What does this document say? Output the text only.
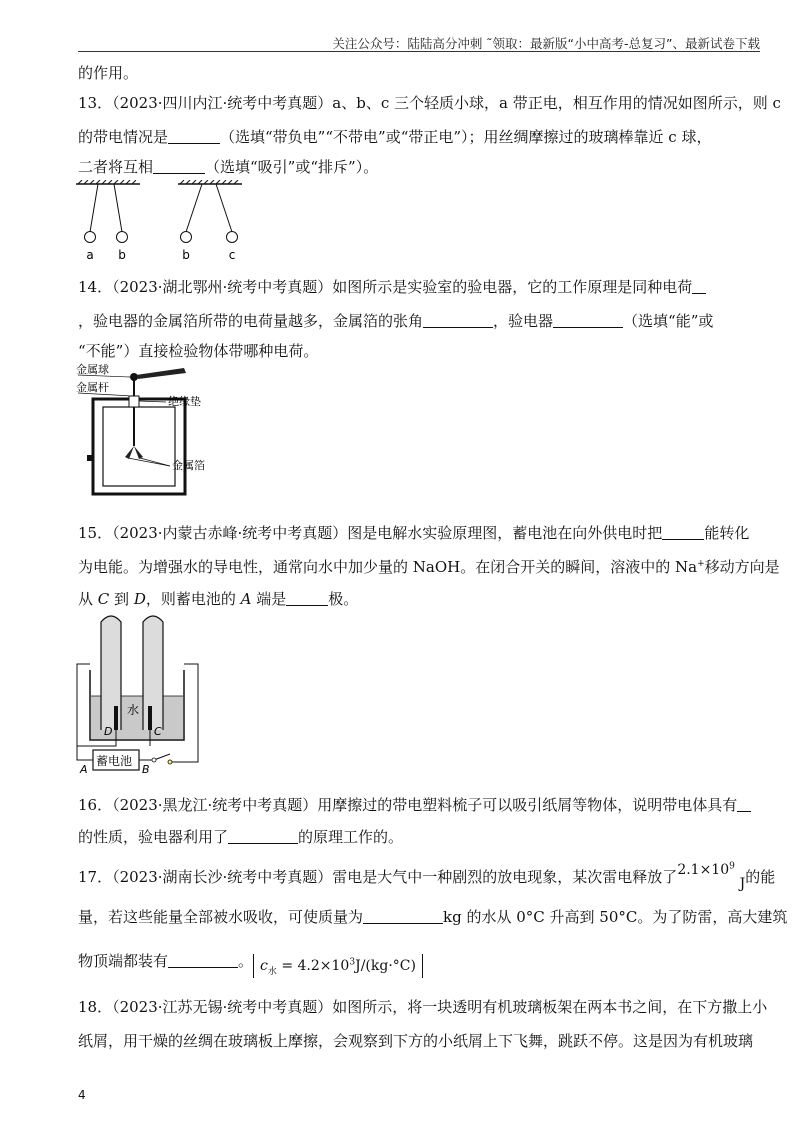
关注公众号：陆陆高分冲刺 ˜领取：最新版“小中高考-总复习”、最新试卷下载
的作用。
13．（2023·四川内江·统考中考真题）a、b、c 三个轻质小球，a 带正电，相互作用的情况如图所示，则 c
的带电情况是	（选填“带负电”“不带电”或“带正电”）；用丝绸摩擦过的玻璃棒靠近 c 球，
二者将互相	（选填“吸引”或“排斥”）。
a b	b	c
14．（2023·湖北鄂州·统考中考真题）如图所示是实验室的验电器，它的工作原理是同种电荷
，验电器的金属箔所带的电荷量越多，金属箔的张角	，验电器	（选填“能”或
“不能”）直接检验物体带哪种电荷。
金属球
金属杆
绝缘垫
金属箔
15．（2023·内蒙古赤峰·统考中考真题）图是电解水实验原理图，蓄电池在向外供电时把	能转化
为电能。为增强水的导电性，通常向水中加少量的 NaOH。在闭合开关的瞬间，溶液中的 Na+移动方向是
从 C 到 D，则蓄电池的 A 端是	极。
水
D	C
蓄电池
A	B
16．（2023·黑龙江·统考中考真题）用摩擦过的带电塑料梳子可以吸引纸屑等物体，说明带电体具有
的性质，验电器利用了	的原理工作的。
17．（2023·湖南长沙·统考中考真题）雷电是大气中一种剧烈的放电现象，某次雷电释放了$2.1\times 10^9$ J的能
量，若这些能量全部被水吸收，可使质量为	kg 的水从 0°C 升高到 50°C。为了防雷，高大建筑
物顶端都装有	。 $c_水 = 4.2\times 10^3J/(kg\cdot^\circ C)$
18．（2023·江苏无锡·统考中考真题）如图所示，将一块透明有机玻璃板架在两本书之间，在下方撒上小
纸屑，用干燥的丝绸在玻璃板上摩擦，会观察到下方的小纸屑上下飞舞，跳跃不停。这是因为有机玻璃
4
